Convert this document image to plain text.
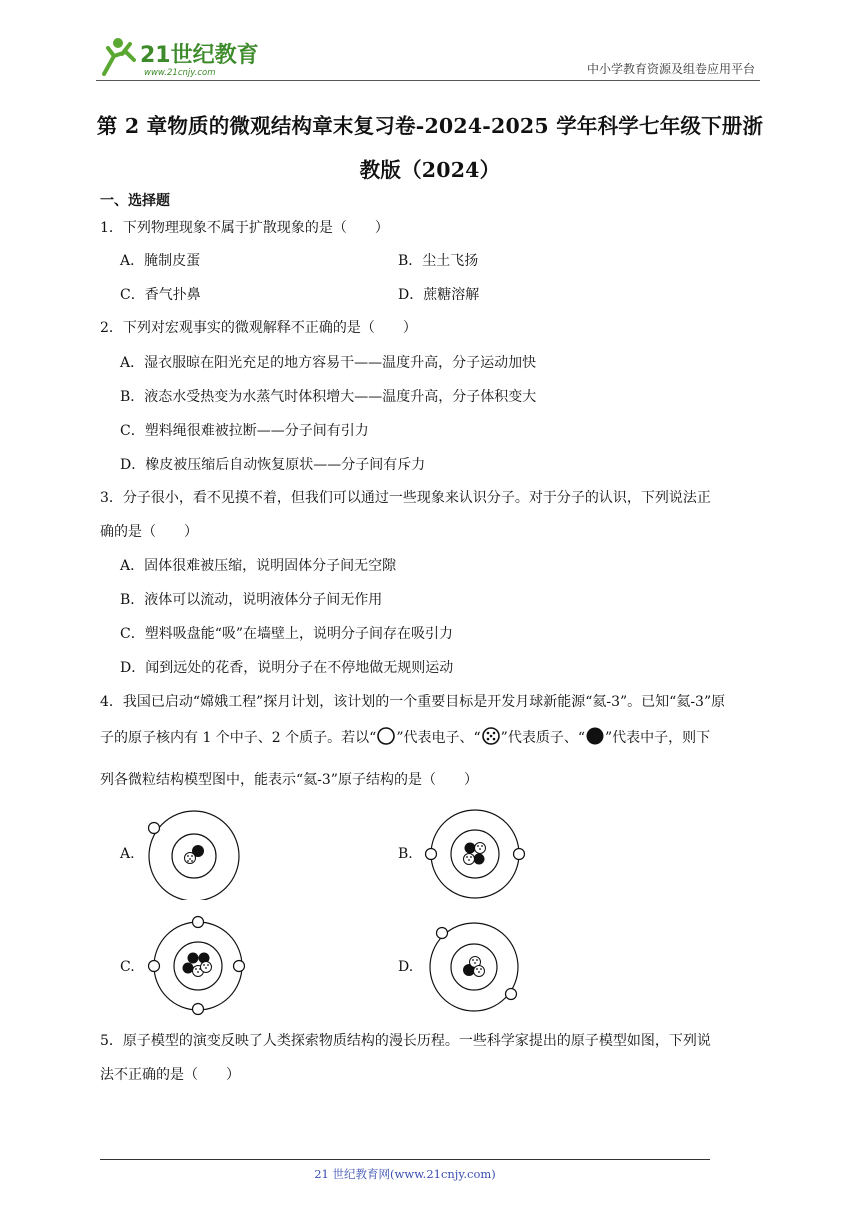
21世纪教育
www.21cnjy.com	中小学教育资源及组卷应用平台
第 2 章物质的微观结构章末复习卷-2024-2025 学年科学七年级下册浙
教版（2024）
一、选择题
1．下列物理现象不属于扩散现象的是（　　）
A．腌制皮蛋	B．尘土飞扬
C．香气扑鼻	D．蔗糖溶解
2．下列对宏观事实的微观解释不正确的是（　　）
A．湿衣服晾在阳光充足的地方容易干——温度升高，分子运动加快
B．液态水受热变为水蒸气时体积增大——温度升高，分子体积变大
C．塑料绳很难被拉断——分子间有引力
D．橡皮被压缩后自动恢复原状——分子间有斥力
3．分子很小，看不见摸不着，但我们可以通过一些现象来认识分子。对于分子的认识，下列说法正
确的是（　　）
A．固体很难被压缩，说明固体分子间无空隙
B．液体可以流动，说明液体分子间无作用
C．塑料吸盘能“吸”在墙壁上，说明分子间存在吸引力
D．闻到远处的花香，说明分子在不停地做无规则运动
4．我国已启动“嫦娥工程”探月计划，该计划的一个重要目标是开发月球新能源“氦-3”。已知“氦-3”原
子的原子核内有 1 个中子、2 个质子。若以“ ”代表电子、“ ”代表质子、“ ”代表中子，则下
列各微粒结构模型图中，能表示“氦-3”原子结构的是（　　）
A.	B.
C.	D.
5．原子模型的演变反映了人类探索物质结构的漫长历程。一些科学家提出的原子模型如图，下列说
法不正确的是（　　）
21 世纪教育网(www.21cnjy.com)
